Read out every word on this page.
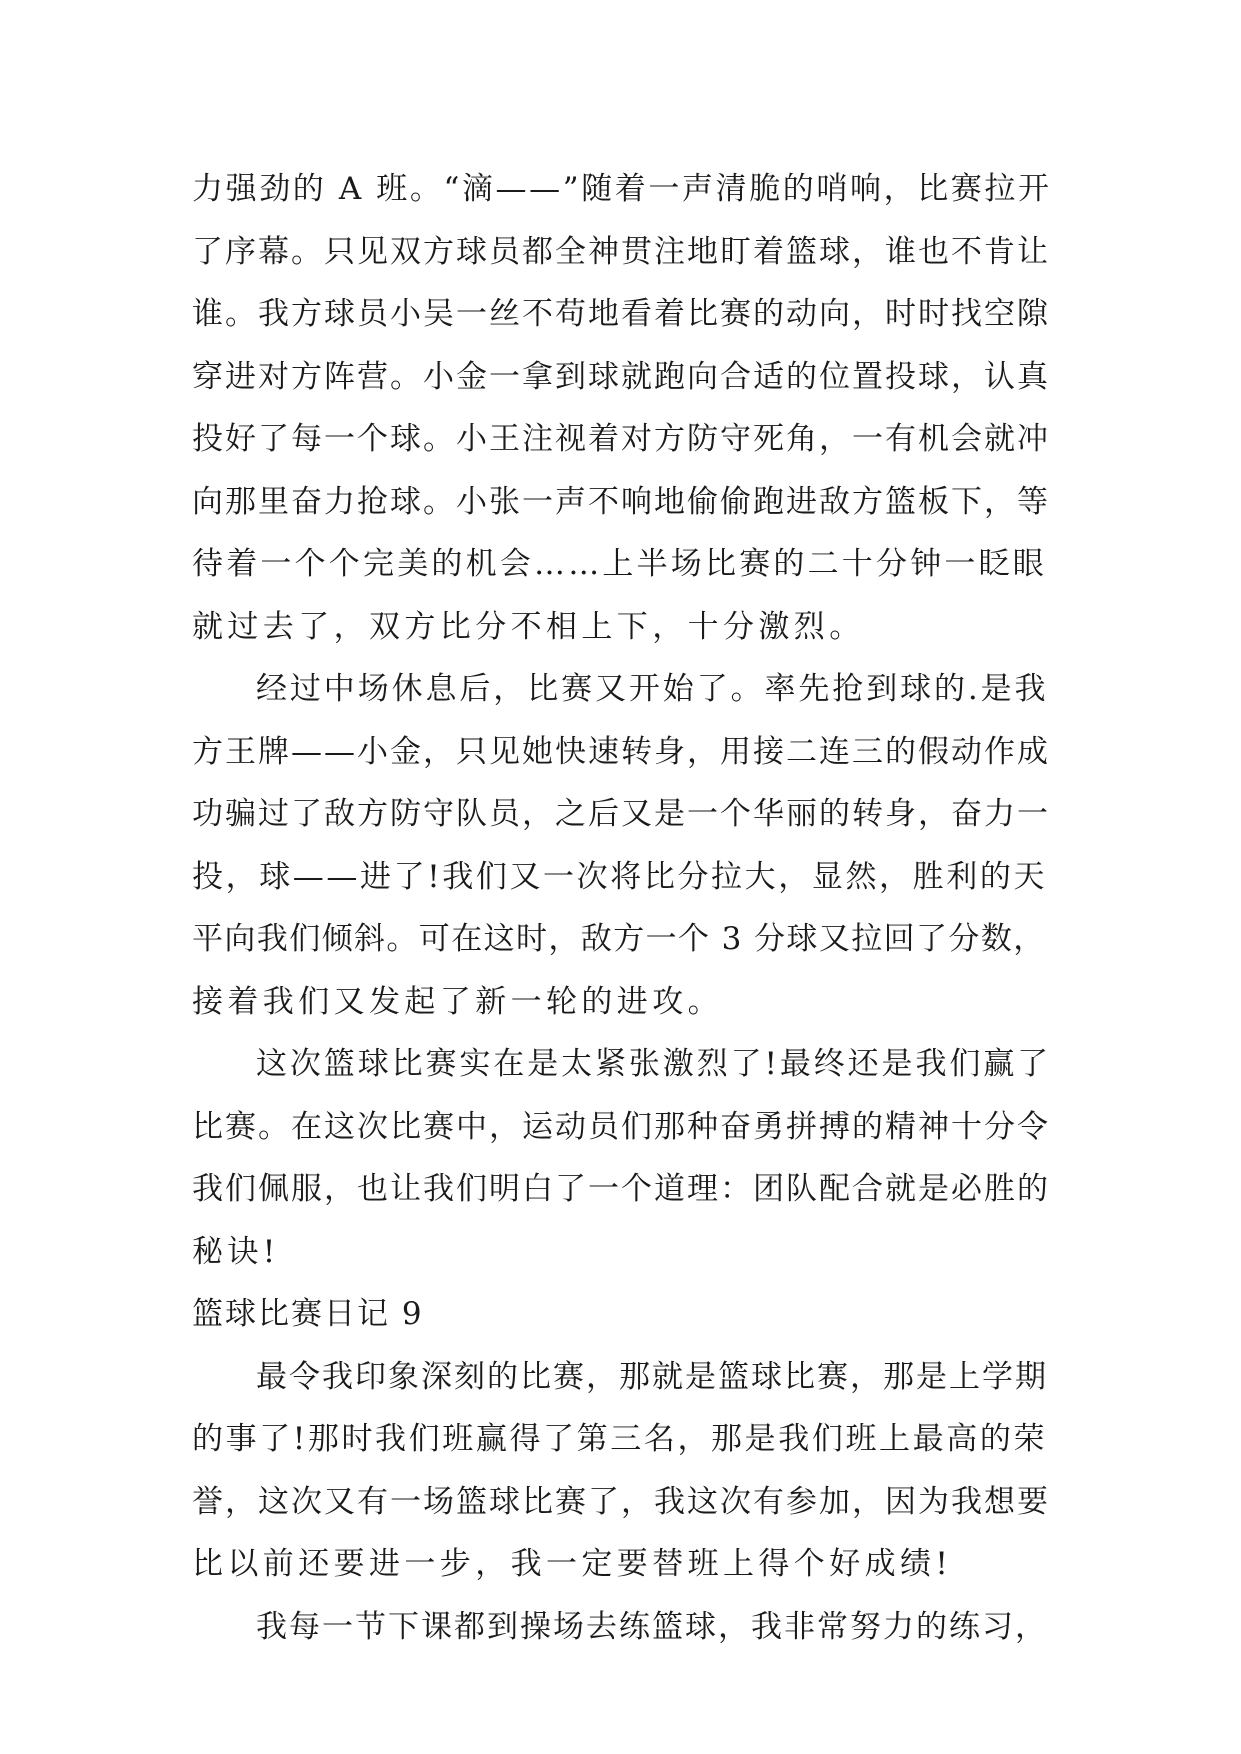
力强劲的 A 班。“滴——”随着一声清脆的哨响，比赛拉开
了序幕。只见双方球员都全神贯注地盯着篮球，谁也不肯让
谁。我方球员小吴一丝不苟地看着比赛的动向，时时找空隙
穿进对方阵营。小金一拿到球就跑向合适的位置投球，认真
投好了每一个球。小王注视着对方防守死角，一有机会就冲
向那里奋力抢球。小张一声不响地偷偷跑进敌方篮板下，等
待着一个个完美的机会……上半场比赛的二十分钟一眨眼
就过去了，双方比分不相上下，十分激烈。
经过中场休息后，比赛又开始了。率先抢到球的.是我
方王牌——小金，只见她快速转身，用接二连三的假动作成
功骗过了敌方防守队员，之后又是一个华丽的转身，奋力一
投，球——进了!我们又一次将比分拉大，显然，胜利的天
平向我们倾斜。可在这时，敌方一个 3 分球又拉回了分数，
接着我们又发起了新一轮的进攻。
这次篮球比赛实在是太紧张激烈了!最终还是我们赢了
比赛。在这次比赛中，运动员们那种奋勇拼搏的精神十分令
我们佩服，也让我们明白了一个道理：团队配合就是必胜的
秘诀!
篮球比赛日记 9
最令我印象深刻的比赛，那就是篮球比赛，那是上学期
的事了!那时我们班赢得了第三名，那是我们班上最高的荣
誉，这次又有一场篮球比赛了，我这次有参加，因为我想要
比以前还要进一步，我一定要替班上得个好成绩!
我每一节下课都到操场去练篮球，我非常努力的练习，
